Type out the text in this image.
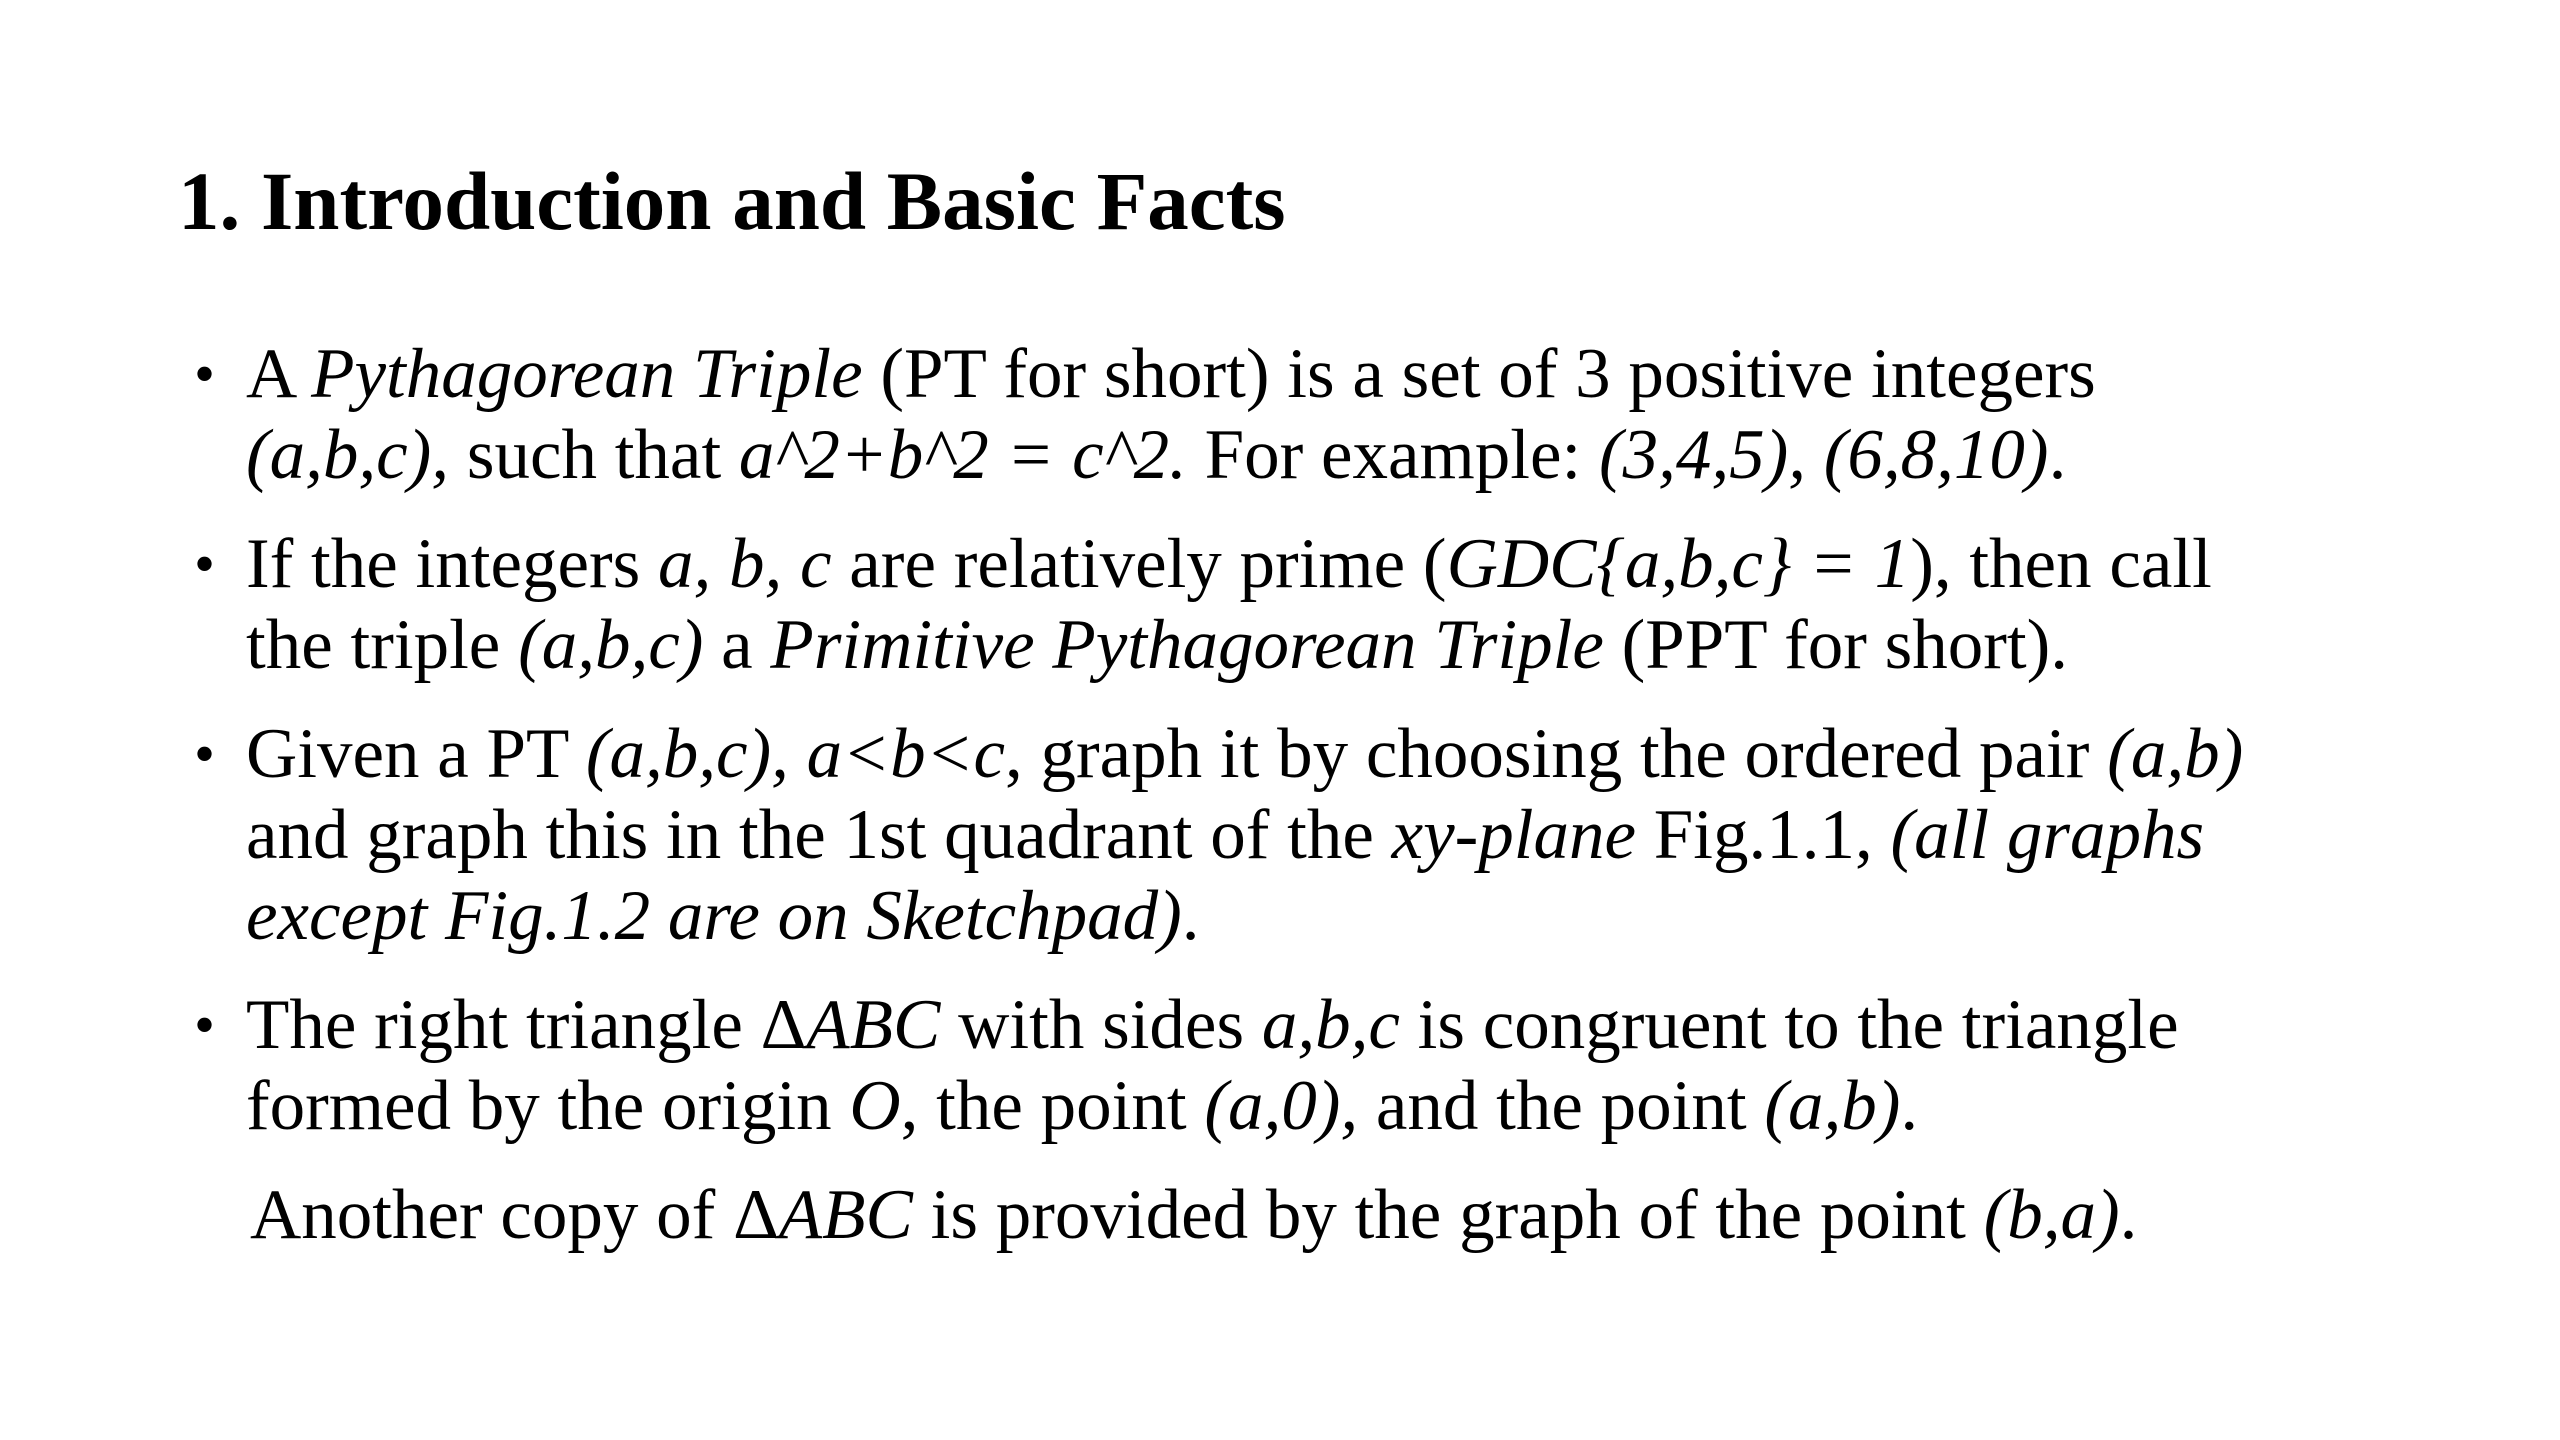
1. Introduction and Basic Facts
• A Pythagorean Triple (PT for short) is a set of 3 positive integers
(a,b,c), such that a^2+b^2 = c^2. For example: (3,4,5), (6,8,10).
• If the integers a, b, c are relatively prime (GDC{a,b,c} = 1), then call
the triple (a,b,c) a Primitive Pythagorean Triple (PPT for short).
• Given a PT (a,b,c), a<b<c, graph it by choosing the ordered pair (a,b)
and graph this in the 1st quadrant of the xy-plane Fig.1.1, (all graphs
except Fig.1.2 are on Sketchpad).
• The right triangle ΔABC with sides a,b,c is congruent to the triangle
formed by the origin O, the point (a,0), and the point (a,b).
Another copy of ΔABC is provided by the graph of the point (b,a).
